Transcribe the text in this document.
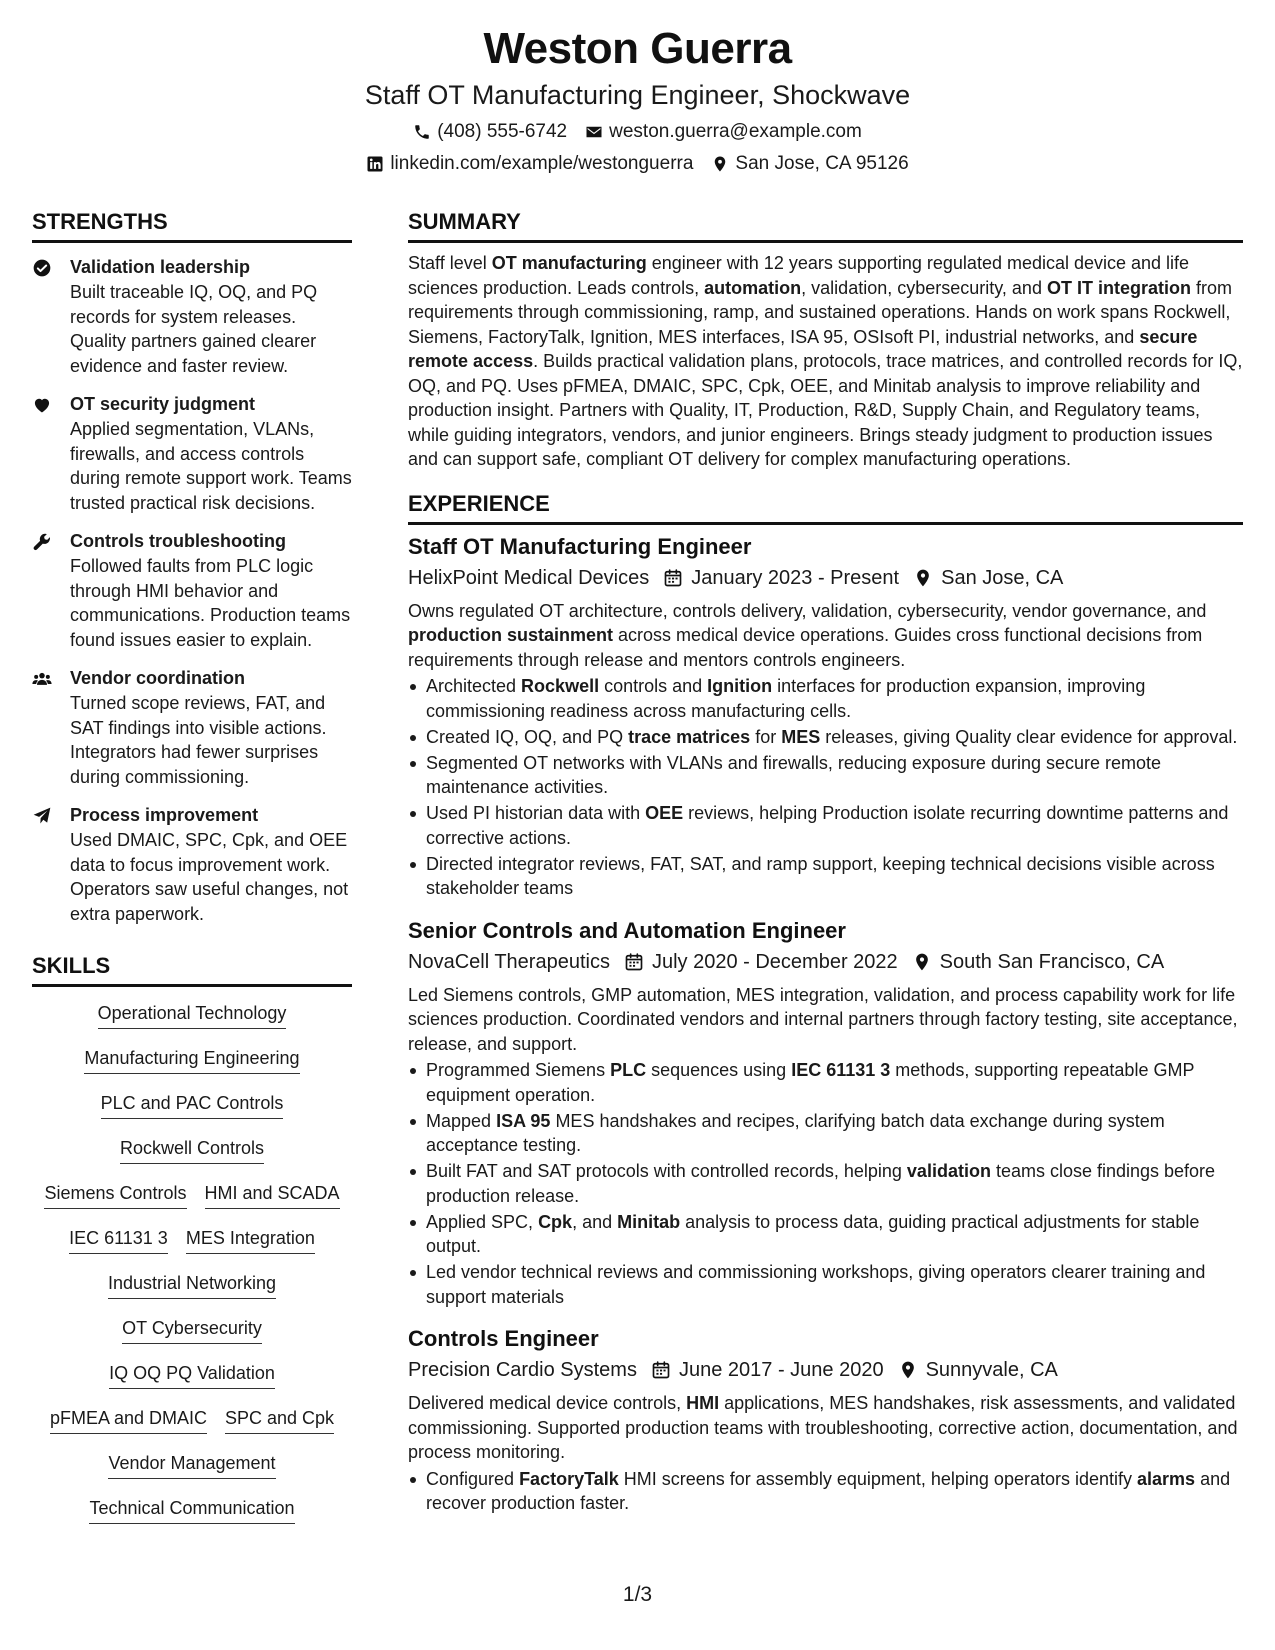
Weston Guerra
Staff OT Manufacturing Engineer, Shockwave
(408) 555-6742 weston.guerra@example.com
linkedin.com/example/westonguerra San Jose, CA 95126
STRENGTHS
Validation leadership
Built traceable IQ, OQ, and PQ records for system releases. Quality partners gained clearer evidence and faster review.
OT security judgment
Applied segmentation, VLANs, firewalls, and access controls during remote support work. Teams trusted practical risk decisions.
Controls troubleshooting
Followed faults from PLC logic through HMI behavior and communications. Production teams found issues easier to explain.
Vendor coordination
Turned scope reviews, FAT, and SAT findings into visible actions. Integrators had fewer surprises during commissioning.
Process improvement
Used DMAIC, SPC, Cpk, and OEE data to focus improvement work. Operators saw useful changes, not extra paperwork.
SKILLS
Operational Technology
Manufacturing Engineering
PLC and PAC Controls
Rockwell Controls
Siemens Controls HMI and SCADA
IEC 61131 3 MES Integration
Industrial Networking
OT Cybersecurity
IQ OQ PQ Validation
pFMEA and DMAIC SPC and Cpk
Vendor Management
Technical Communication
SUMMARY
Staff level OT manufacturing engineer with 12 years supporting regulated medical device and life sciences production. Leads controls, automation, validation, cybersecurity, and OT IT integration from requirements through commissioning, ramp, and sustained operations. Hands on work spans Rockwell, Siemens, FactoryTalk, Ignition, MES interfaces, ISA 95, OSIsoft PI, industrial networks, and secure remote access. Builds practical validation plans, protocols, trace matrices, and controlled records for IQ, OQ, and PQ. Uses pFMEA, DMAIC, SPC, Cpk, OEE, and Minitab analysis to improve reliability and production insight. Partners with Quality, IT, Production, R&D, Supply Chain, and Regulatory teams, while guiding integrators, vendors, and junior engineers. Brings steady judgment to production issues and can support safe, compliant OT delivery for complex manufacturing operations.
EXPERIENCE
Staff OT Manufacturing Engineer
HelixPoint Medical Devices January 2023 - Present San Jose, CA
Owns regulated OT architecture, controls delivery, validation, cybersecurity, vendor governance, and production sustainment across medical device operations. Guides cross functional decisions from requirements through release and mentors controls engineers.
Architected Rockwell controls and Ignition interfaces for production expansion, improving commissioning readiness across manufacturing cells.
Created IQ, OQ, and PQ trace matrices for MES releases, giving Quality clear evidence for approval.
Segmented OT networks with VLANs and firewalls, reducing exposure during secure remote maintenance activities.
Used PI historian data with OEE reviews, helping Production isolate recurring downtime patterns and corrective actions.
Directed integrator reviews, FAT, SAT, and ramp support, keeping technical decisions visible across stakeholder teams
Senior Controls and Automation Engineer
NovaCell Therapeutics July 2020 - December 2022 South San Francisco, CA
Led Siemens controls, GMP automation, MES integration, validation, and process capability work for life sciences production. Coordinated vendors and internal partners through factory testing, site acceptance, release, and support.
Programmed Siemens PLC sequences using IEC 61131 3 methods, supporting repeatable GMP equipment operation.
Mapped ISA 95 MES handshakes and recipes, clarifying batch data exchange during system acceptance testing.
Built FAT and SAT protocols with controlled records, helping validation teams close findings before production release.
Applied SPC, Cpk, and Minitab analysis to process data, guiding practical adjustments for stable output.
Led vendor technical reviews and commissioning workshops, giving operators clearer training and support materials
Controls Engineer
Precision Cardio Systems June 2017 - June 2020 Sunnyvale, CA
Delivered medical device controls, HMI applications, MES handshakes, risk assessments, and validated commissioning. Supported production teams with troubleshooting, corrective action, documentation, and process monitoring.
Configured FactoryTalk HMI screens for assembly equipment, helping operators identify alarms and recover production faster.
1/3
